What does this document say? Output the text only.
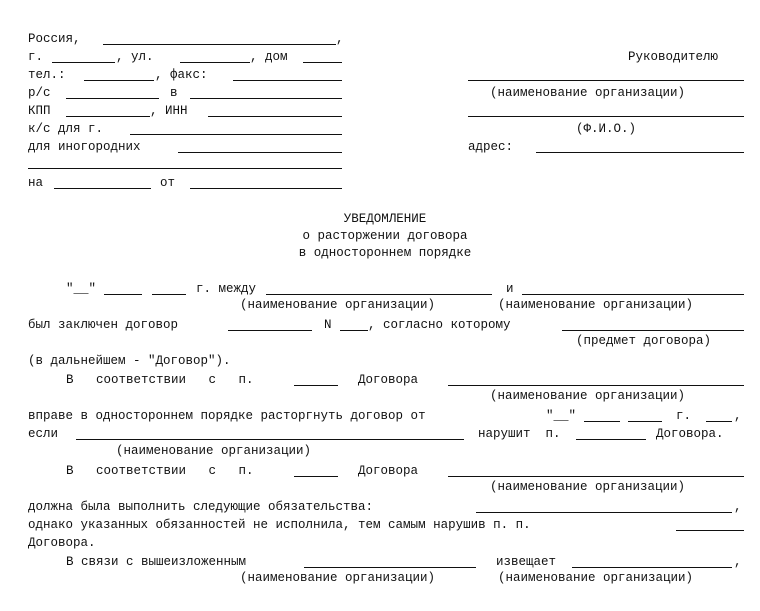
Россия,	,
г.	, ул.	, дом
тел.:	, факс:
р/с	в
КПП	, ИНН
к/с для г.
для иногородних
на	от
Руководителю
(наименование организации)
(Ф.И.О.)
адрес:
УВЕДОМЛЕНИЕ
о расторжении договора
в одностороннем порядке
"__"	г. между	и
(наименование организации)	(наименование организации)
был заключен договор	N	, согласно которому
(предмет договора)
(в дальнейшем - "Договор").
В   соответствии   с   п.	Договора
(наименование организации)
вправе в одностороннем порядке расторгнуть договор от	"__"	г.	,
если	нарушит  п.	Договора.
(наименование организации)
В   соответствии   с   п.	Договора
(наименование организации)
должна была выполнить следующие обязательства:	,
однако указанных обязанностей не исполнила, тем самым нарушив п. п.
Договора.
В связи с вышеизложенным	извещает	,
(наименование организации)	(наименование организации)
